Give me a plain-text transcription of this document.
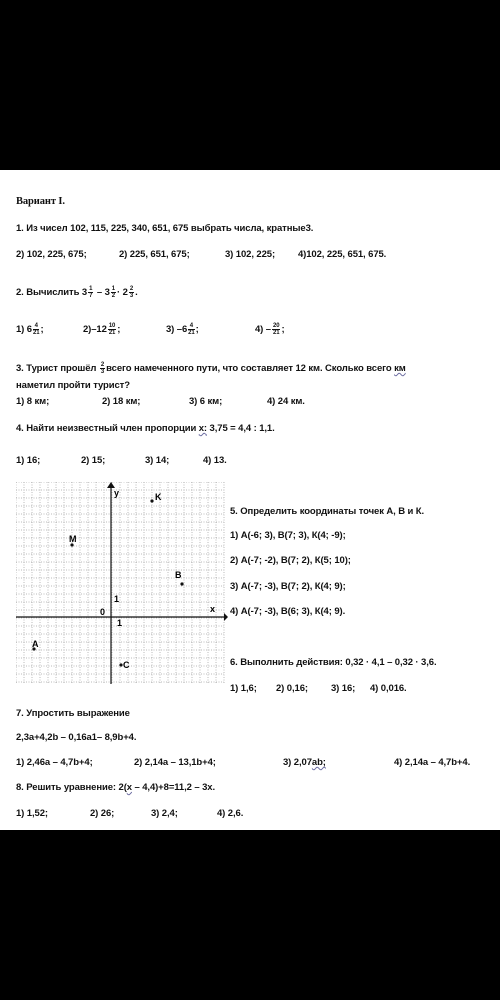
Вариант I.
1. Из чисел 102, 115, 225, 340, 651, 675 выбрать числа, кратные3.
2) 102, 225, 675;	2) 225, 651, 675;	3) 102, 225; 4)102, 225, 651, 675.
2. Вычислить $3 \frac{1}{7} - 3 \frac{1}{2} \cdot 2 \frac{2}{3}$ .
1) $6 \frac{4}{21}$ ;	$2)-12 \frac{10}{21}$ ;	3) $-6 \frac{4}{21}$ ;	$4) - \frac{20}{21}$ ;
3. Турист прошёл $\frac{2}{3}$ всего намеченного пути, что составляет 12 км. Сколько всего км
наметил пройти турист?
1) 8 км;	2) 18 км;	3) 6 км;	4) 24 км.
4. Найти неизвестный член пропорции х: 3,75 = 4,4 : 1,1.
1) 16;	2) 15;	3) 14;	4) 13.
y
x
0
1
1
K
M
B
A
C
5. Определить координаты точек А, В и К.
1) А(-6; 3), В(7; 3), К(4; -9);
2) А(-7; -2), В(7; 2), К(5; 10);
3) А(-7; -3), В(7; 2), К(4; 9);
4) А(-7; -3), В(6; 3), К(4; 9).
6. Выполнить действия: 0,32 · 4,1 – 0,32 · 3,6.
1) 1,6; 2) 0,16; 3) 16; 4) 0,016.
7. Упростить выражение
2,3а+4,2b – 0,16а1– 8,9b+4.
1) 2,46а – 4,7b+4;	2) 2,14а – 13,1b+4;	3) 2,07ab;	4) 2,14а – 4,7b+4.
8. Решить уравнение: 2(х – 4,4)+8=11,2 – 3х.
1) 1,52;	2) 26;	3) 2,4;	4) 2,6.
